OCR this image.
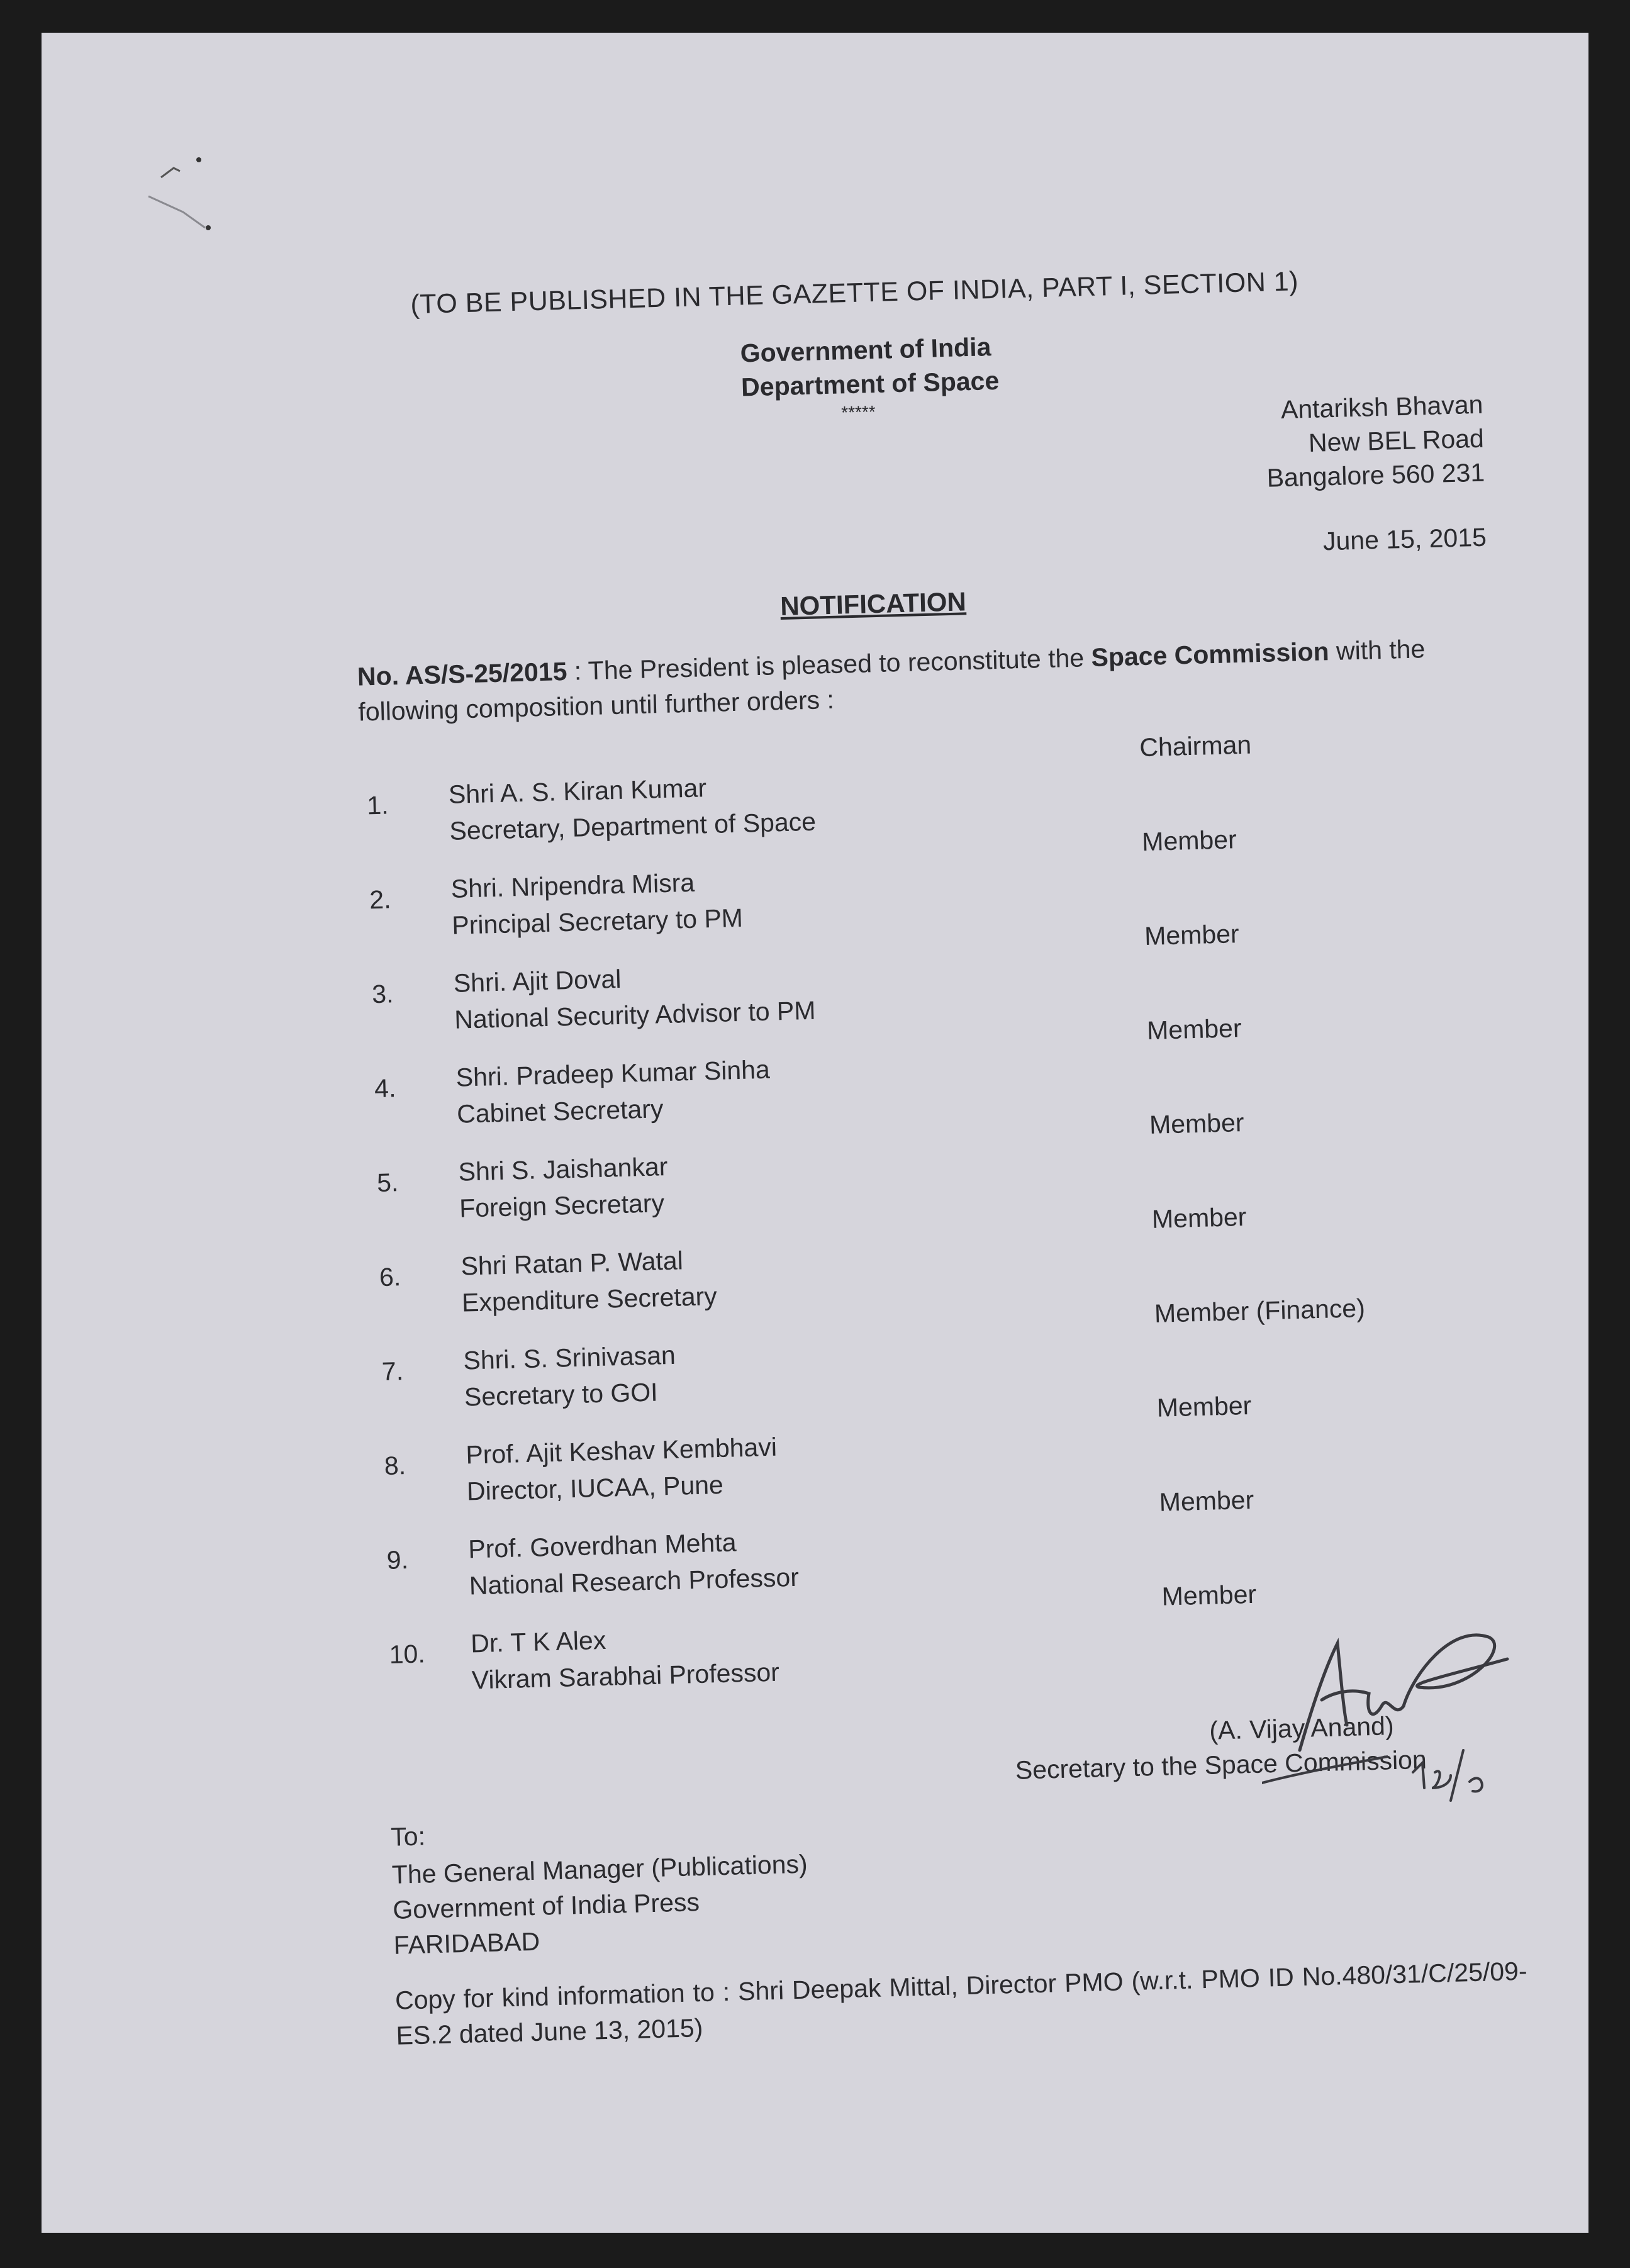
(TO BE PUBLISHED IN THE GAZETTE OF INDIA, PART I, SECTION 1)
Government of India
Department of Space
*****	Antariksh Bhavan
New BEL Road
Bangalore 560 231
June 15, 2015
NOTIFICATION
No. AS/S-25/2015 : The President is pleased to reconstitute the Space Commission with the following composition until further orders :
1. Shri A. S. Kiran Kumar
Secretary, Department of Space
Chairman
2. Shri. Nripendra Misra
Principal Secretary to PM
Member
3. Shri. Ajit Doval
National Security Advisor to PM
Member
4. Shri. Pradeep Kumar Sinha
Cabinet Secretary
Member
5. Shri S. Jaishankar
Foreign Secretary
Member
6. Shri Ratan P. Watal
Expenditure Secretary
Member
7. Shri. S. Srinivasan
Secretary to GOI
Member (Finance)
8. Prof. Ajit Keshav Kembhavi
Director, IUCAA, Pune
Member
9. Prof. Goverdhan Mehta
National Research Professor
Member
10. Dr. T K Alex
Vikram Sarabhai Professor
Member
(A. Vijay Anand)
Secretary to the Space Commission
To:
The General Manager (Publications)
Government of India Press
FARIDABAD
Copy for kind information to : Shri Deepak Mittal, Director PMO (w.r.t. PMO ID No.480/31/C/25/09-ES.2 dated June 13, 2015)
